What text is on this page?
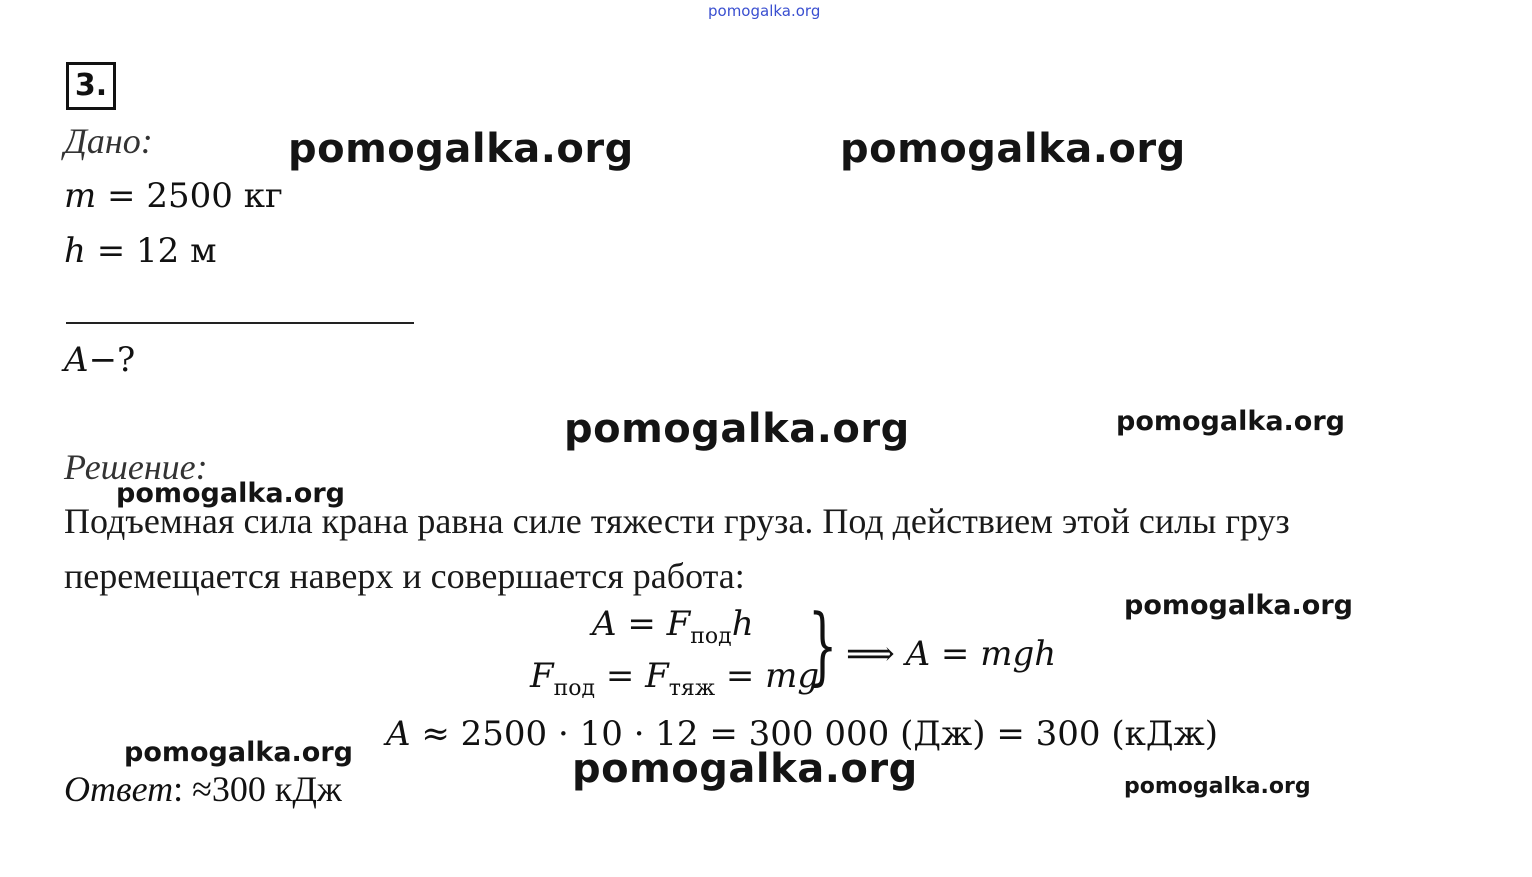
pomogalka.org
pomogalka.org	pomogalka.org
pomogalka.org	pomogalka.org
pomogalka.org
pomogalka.org
pomogalka.org	pomogalka.org	pomogalka.org
3.
Дано:
m = 2500 кг
h = 12 м
A−?
Решение:
Подъемная сила крана равна силе тяжести груза. Под действием этой силы груз
перемещается наверх и совершается работа:
$A = F_{под}h$
$F_{под} = F_{тяж}$ = mg
} ⟹ A = mgh
A ≈ 2500 · 10 · 12 = 300 000 (Дж) = 300 (кДж)
Ответ: ≈300 кДж
